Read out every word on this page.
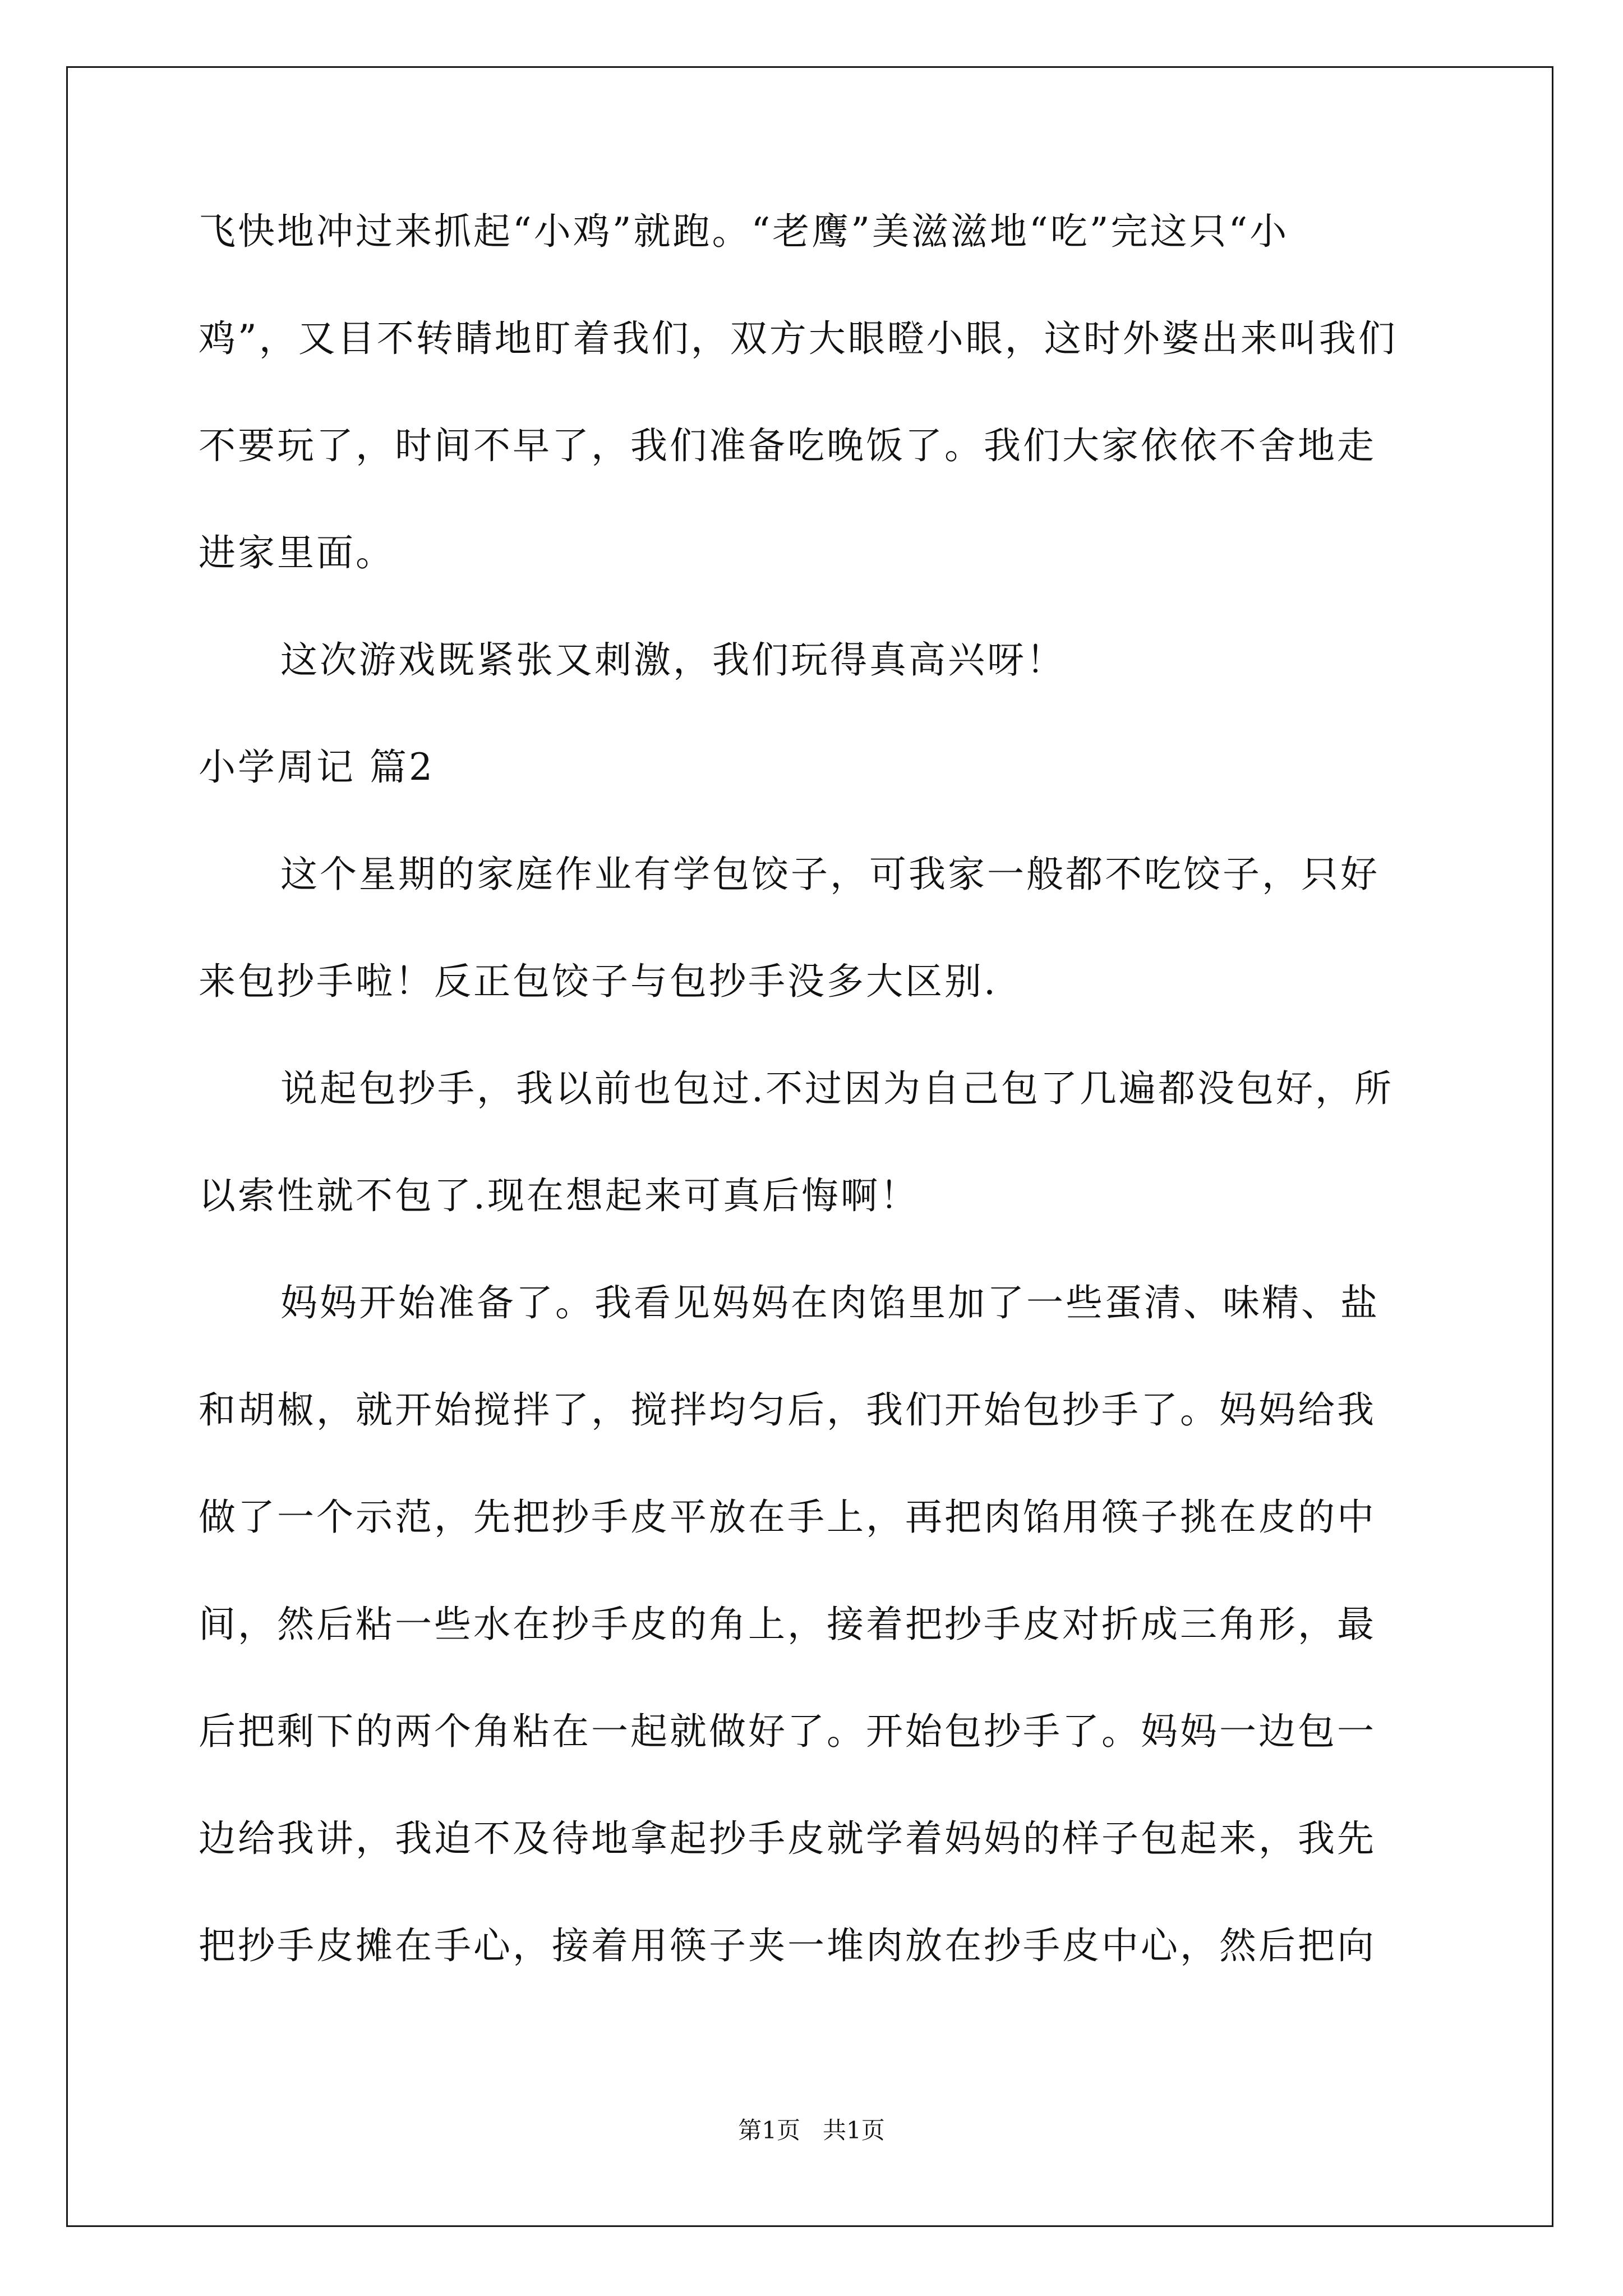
飞快地冲过来抓起“小鸡”就跑。“老鹰”美滋滋地“吃”完这只“小
鸡”，又目不转睛地盯着我们，双方大眼瞪小眼，这时外婆出来叫我们
不要玩了，时间不早了，我们准备吃晚饭了。我们大家依依不舍地走
进家里面。
这次游戏既紧张又刺激，我们玩得真高兴呀！
小学周记 篇2
这个星期的家庭作业有学包饺子，可我家一般都不吃饺子，只好
来包抄手啦！反正包饺子与包抄手没多大区别.
说起包抄手，我以前也包过.不过因为自己包了几遍都没包好，所
以索性就不包了.现在想起来可真后悔啊！
妈妈开始准备了。我看见妈妈在肉馅里加了一些蛋清、味精、盐
和胡椒，就开始搅拌了，搅拌均匀后，我们开始包抄手了。妈妈给我
做了一个示范，先把抄手皮平放在手上，再把肉馅用筷子挑在皮的中
间，然后粘一些水在抄手皮的角上，接着把抄手皮对折成三角形，最
后把剩下的两个角粘在一起就做好了。开始包抄手了。妈妈一边包一
边给我讲，我迫不及待地拿起抄手皮就学着妈妈的样子包起来，我先
把抄手皮摊在手心，接着用筷子夹一堆肉放在抄手皮中心，然后把向
第1页   共1页
